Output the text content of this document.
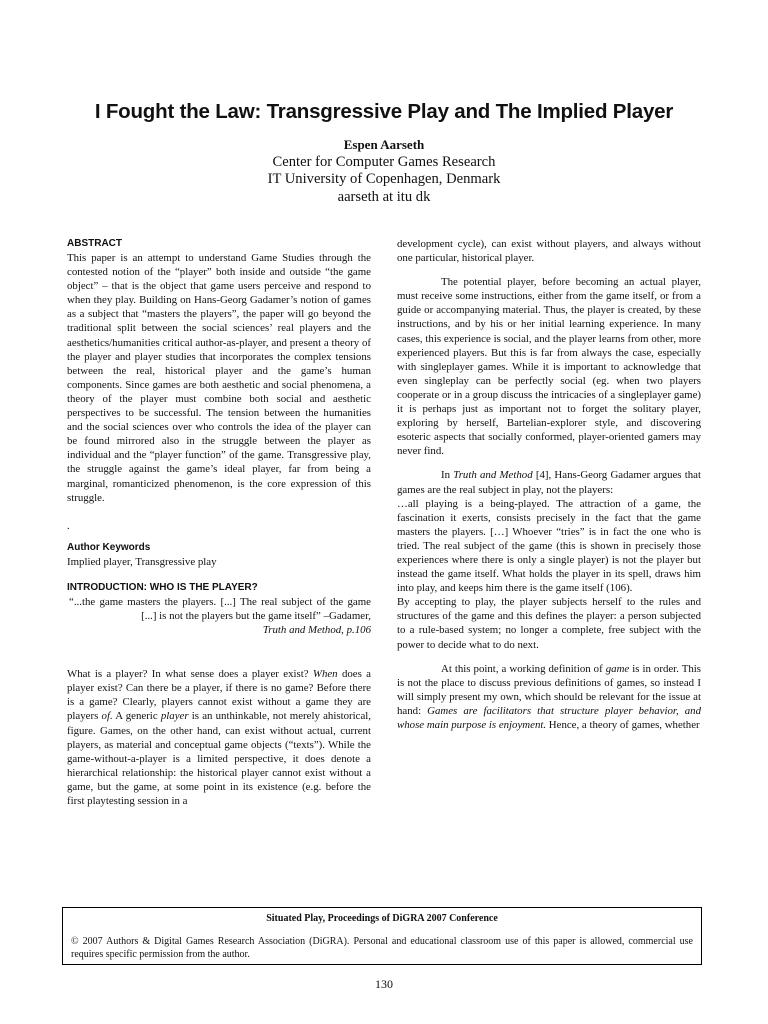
I Fought the Law: Transgressive Play and The Implied Player
Espen Aarseth
Center for Computer Games Research
IT University of Copenhagen, Denmark
aarseth at itu dk
ABSTRACT

This paper is an attempt to understand Game Studies through the contested notion of the “player” both inside and outside “the game object” – that is the object that game users perceive and respond to when they play. Building on Hans-Georg Gadamer’s notion of games as a subject that “masters the players”, the paper will go beyond the traditional split between the social sciences’ real players and the aesthetics/humanities critical author-as-player, and present a theory of the player and player studies that incorporates the complex tensions between the real, historical player and the game’s human components. Since games are both aesthetic and social phenomena, a theory of the player must combine both social and aesthetic perspectives to be successful. The tension between the humanities and the social sciences over who controls the idea of the player can be found mirrored also in the struggle between the player as individual and the “player function” of the game. Transgressive play, the struggle against the game’s ideal player, far from being a marginal, romanticized phenomenon, is the core expression of this struggle.

.

Author Keywords

Implied player, Transgressive play

INTRODUCTION: WHO IS THE PLAYER?
“...the game masters the players. [...] The real subject of the game [...] is not the players but the game itself” –Gadamer,
Truth and Method, p.106

What is a player? In what sense does a player exist? When does a player exist? Can there be a player, if there is no game? Before there is a game? Clearly, players cannot exist without a game they are players of. A generic player is an unthinkable, not merely ahistorical, figure. Games, on the other hand, can exist without actual, current players, as material and conceptual game objects (“texts”). While the game-without-a-player is a limited perspective, it does denote a hierarchical relationship: the historical player cannot exist without a game, but the game, at some point in its existence (e.g. before the first playtesting session in a

development cycle), can exist without players, and always without one particular, historical player.

The potential player, before becoming an actual player, must receive some instructions, either from the game itself, or from a guide or accompanying material. Thus, the player is created, by these instructions, and by his or her initial learning experience. In many cases, this experience is social, and the player learns from other, more experienced players. But this is far from always the case, especially with singleplayer games. While it is important to acknowledge that even singleplay can be perfectly social (eg. when two players cooperate or in a group discuss the intricacies of a singleplayer game) it is perhaps just as important not to forget the solitary player, exploring by herself, Bartelian-explorer style, and discovering esoteric aspects that socially conformed, player-oriented gamers may never find.

In Truth and Method [4], Hans-Georg Gadamer argues that games are the real subject in play, not the players:

…all playing is a being-played. The attraction of a game, the fascination it exerts, consists precisely in the fact that the game masters the players. […] Whoever “tries” is in fact the one who is tried. The real subject of the game (this is shown in precisely those experiences where there is only a single player) is not the player but instead the game itself. What holds the player in its spell, draws him into play, and keeps him there is the game itself (106).

By accepting to play, the player subjects herself to the rules and structures of the game and this defines the player: a person subjected to a rule-based system; no longer a complete, free subject with the power to decide what to do next.

At this point, a working definition of game is in order. This is not the place to discuss previous definitions of games, so instead I will simply present my own, which should be relevant for the issue at hand: Games are facilitators that structure player behavior, and whose main purpose is enjoyment. Hence, a theory of games, whether

Situated Play, Proceedings of DiGRA 2007 Conference
© 2007 Authors & Digital Games Research Association (DiGRA). Personal and educational classroom use of this paper is allowed, commercial use requires specific permission from the author.
130
